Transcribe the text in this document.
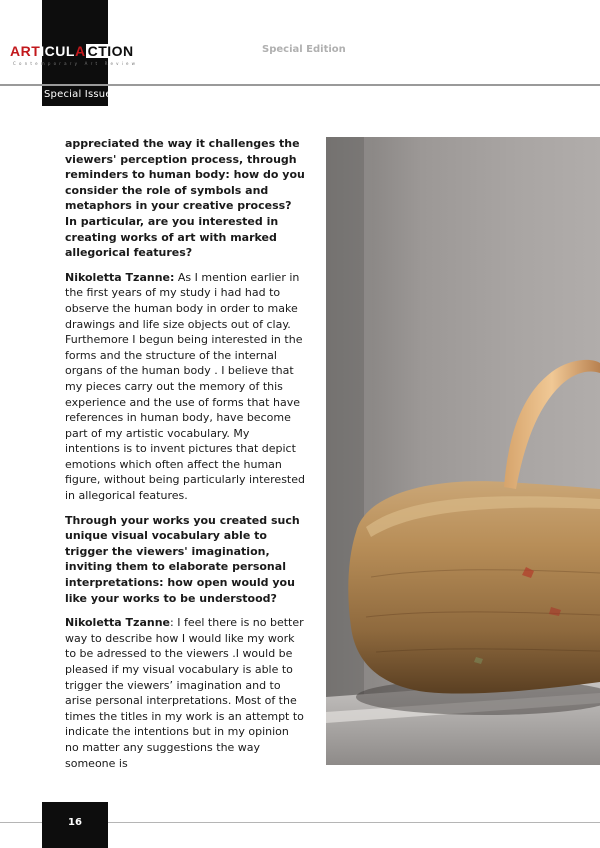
ART ICUL A CTION
Contemporary Art Review
Special Edition
Special Issue

appreciated the way it challenges the viewers' perception process, through reminders to human body: how do you consider the role of symbols and metaphors in your creative process? In particular, are you interested in creating works of art with marked allegorical features?

Nikoletta Tzanne: As I mention earlier in the first years of my study i had had to observe the human body in order to make drawings and life size objects out of clay. Furthemore I begun being interested in the forms and the structure of the internal organs of the human body . I believe that my pieces carry out the memory of this experience and the use of forms that have references in human body, have become part of my artistic vocabulary. My intentions is to invent pictures that depict emotions which often affect the human figure, without being particularly interested in allegorical features.

Through your works you created such unique visual vocabulary able to trigger the viewers' imagination, inviting them to elaborate personal interpretations: how open would you like your works to be understood?

Nikoletta Tzanne: I feel there is no better way to describe how I would like my work to be adressed to the viewers .I would be pleased if my visual vocabulary is able to trigger the viewers’ imagination and to arise personal interpretations. Most of the times the titles in my work is an attempt to indicate the intentions but in my opinion no matter any suggestions the way someone is

16
